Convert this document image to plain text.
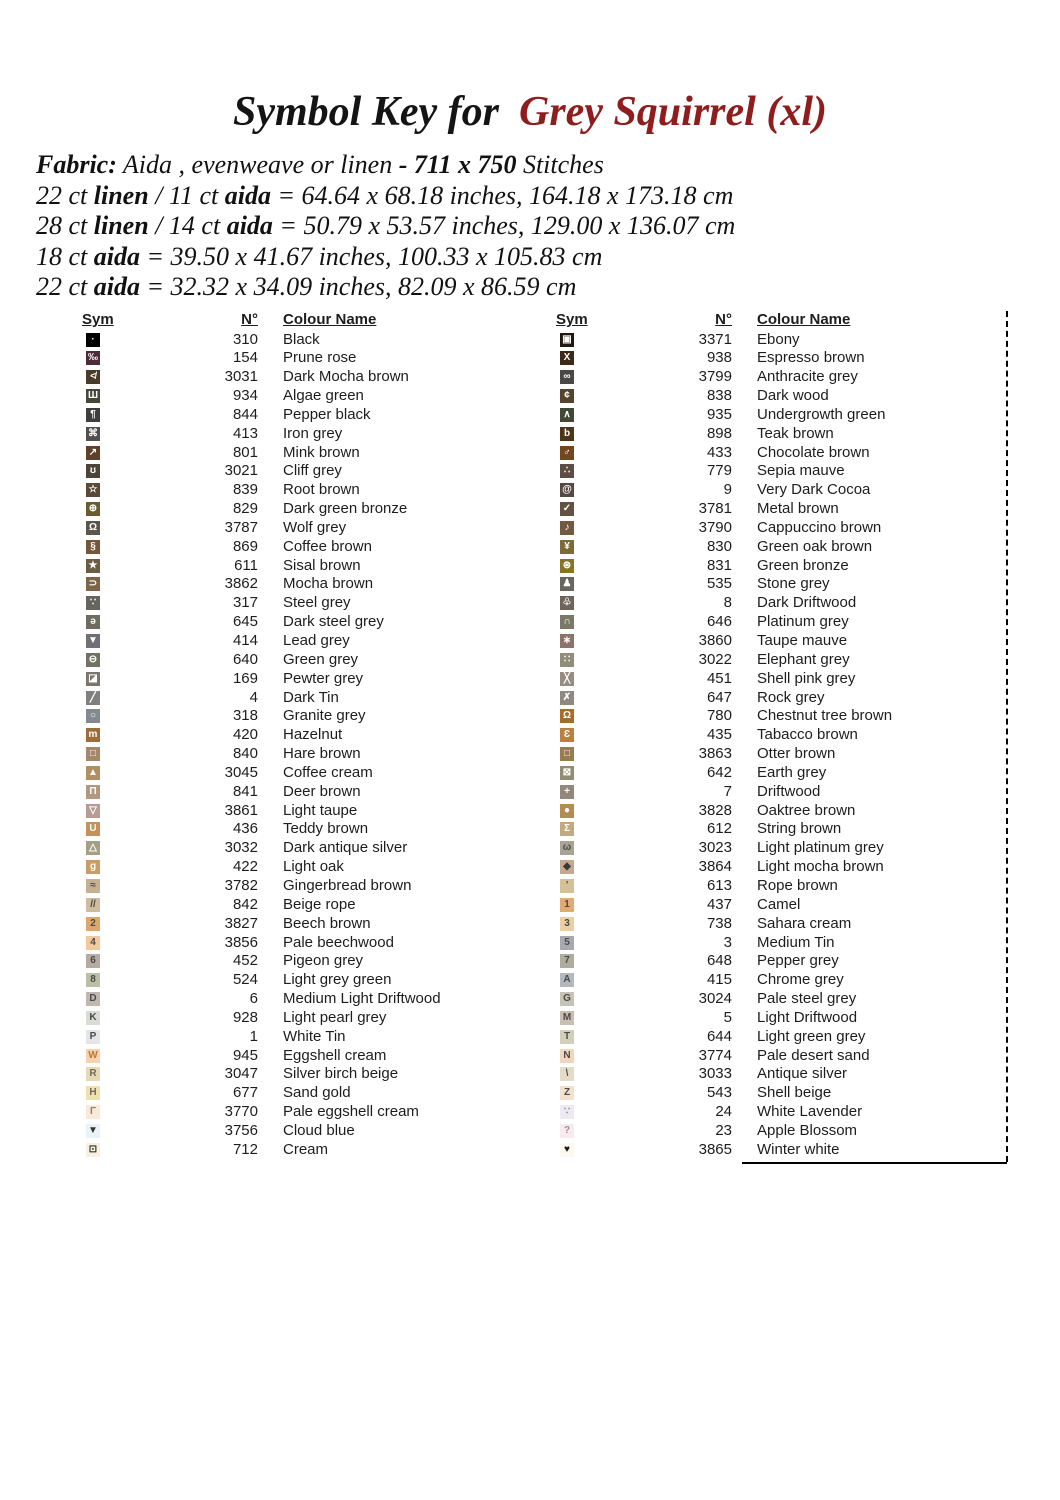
Symbol Key for Grey Squirrel (xl)
Fabric: Aida , evenweave or linen - 711 x 750 Stitches
22 ct linen / 11 ct aida = 64.64 x 68.18 inches, 164.18 x 173.18 cm
28 ct linen / 14 ct aida = 50.79 x 53.57 inches, 129.00 x 136.07 cm
18 ct aida = 39.50 x 41.67 inches, 100.33 x 105.83 cm
22 ct aida = 32.32 x 34.09 inches, 82.09 x 86.59 cm
Sym	N° Colour Name
·	310 Black
‰	154 Prune rose
≮	3031 Dark Mocha brown
Ш	934 Algae green
¶	844 Pepper black
⌘	413 Iron grey
↗	801 Mink brown
ʊ	3021 Cliff grey
☆	839 Root brown
⊕	829 Dark green bronze
Ω	3787 Wolf grey
§	869 Coffee brown
★	611 Sisal brown
⊃	3862 Mocha brown
∵	317 Steel grey
ə	645 Dark steel grey
▼	414 Lead grey
⊖	640 Green grey
◪	169 Pewter grey
╱	4 Dark Tin
○	318 Granite grey
m	420 Hazelnut
□	840 Hare brown
▲	3045 Coffee cream
Π	841 Deer brown
▽	3861 Light taupe
U	436 Teddy brown
△	3032 Dark antique silver
g	422 Light oak
≈	3782 Gingerbread brown
//	842 Beige rope
2	3827 Beech brown
4	3856 Pale beechwood
6	452 Pigeon grey
8	524 Light grey green
D	6 Medium Light Driftwood
K	928 Light pearl grey
P	1 White Tin
W	945 Eggshell cream
R	3047 Silver birch beige
H	677 Sand gold
Γ	3770 Pale eggshell cream
▼	3756 Cloud blue
⊡	712 Cream
Sym	N° Colour Name
▣	3371 Ebony
X	938 Espresso brown
∞	3799 Anthracite grey
¢	838 Dark wood
∧	935 Undergrowth green
b	898 Teak brown
♂	433 Chocolate brown
∴	779 Sepia mauve
@	9 Very Dark Cocoa
✓	3781 Metal brown
♪	3790 Cappuccino brown
¥	830 Green oak brown
⊛	831 Green bronze
♟	535 Stone grey
♧	8 Dark Driftwood
∩	646 Platinum grey
∗	3860 Taupe mauve
∷	3022 Elephant grey
╳	451 Shell pink grey
✗	647 Rock grey
Ω	780 Chestnut tree brown
Ɛ	435 Tabacco brown
□	3863 Otter brown
⊠	642 Earth grey
+	7 Driftwood
●	3828 Oaktree brown
Σ	612 String brown
ω	3023 Light platinum grey
◆	3864 Light mocha brown
’	613 Rope brown
1	437 Camel
3	738 Sahara cream
5	3 Medium Tin
7	648 Pepper grey
A	415 Chrome grey
G	3024 Pale steel grey
M	5 Light Driftwood
T	644 Light green grey
N	3774 Pale desert sand
\	3033 Antique silver
Z	543 Shell beige
∵	24 White Lavender
?	23 Apple Blossom
♥	3865 Winter white
